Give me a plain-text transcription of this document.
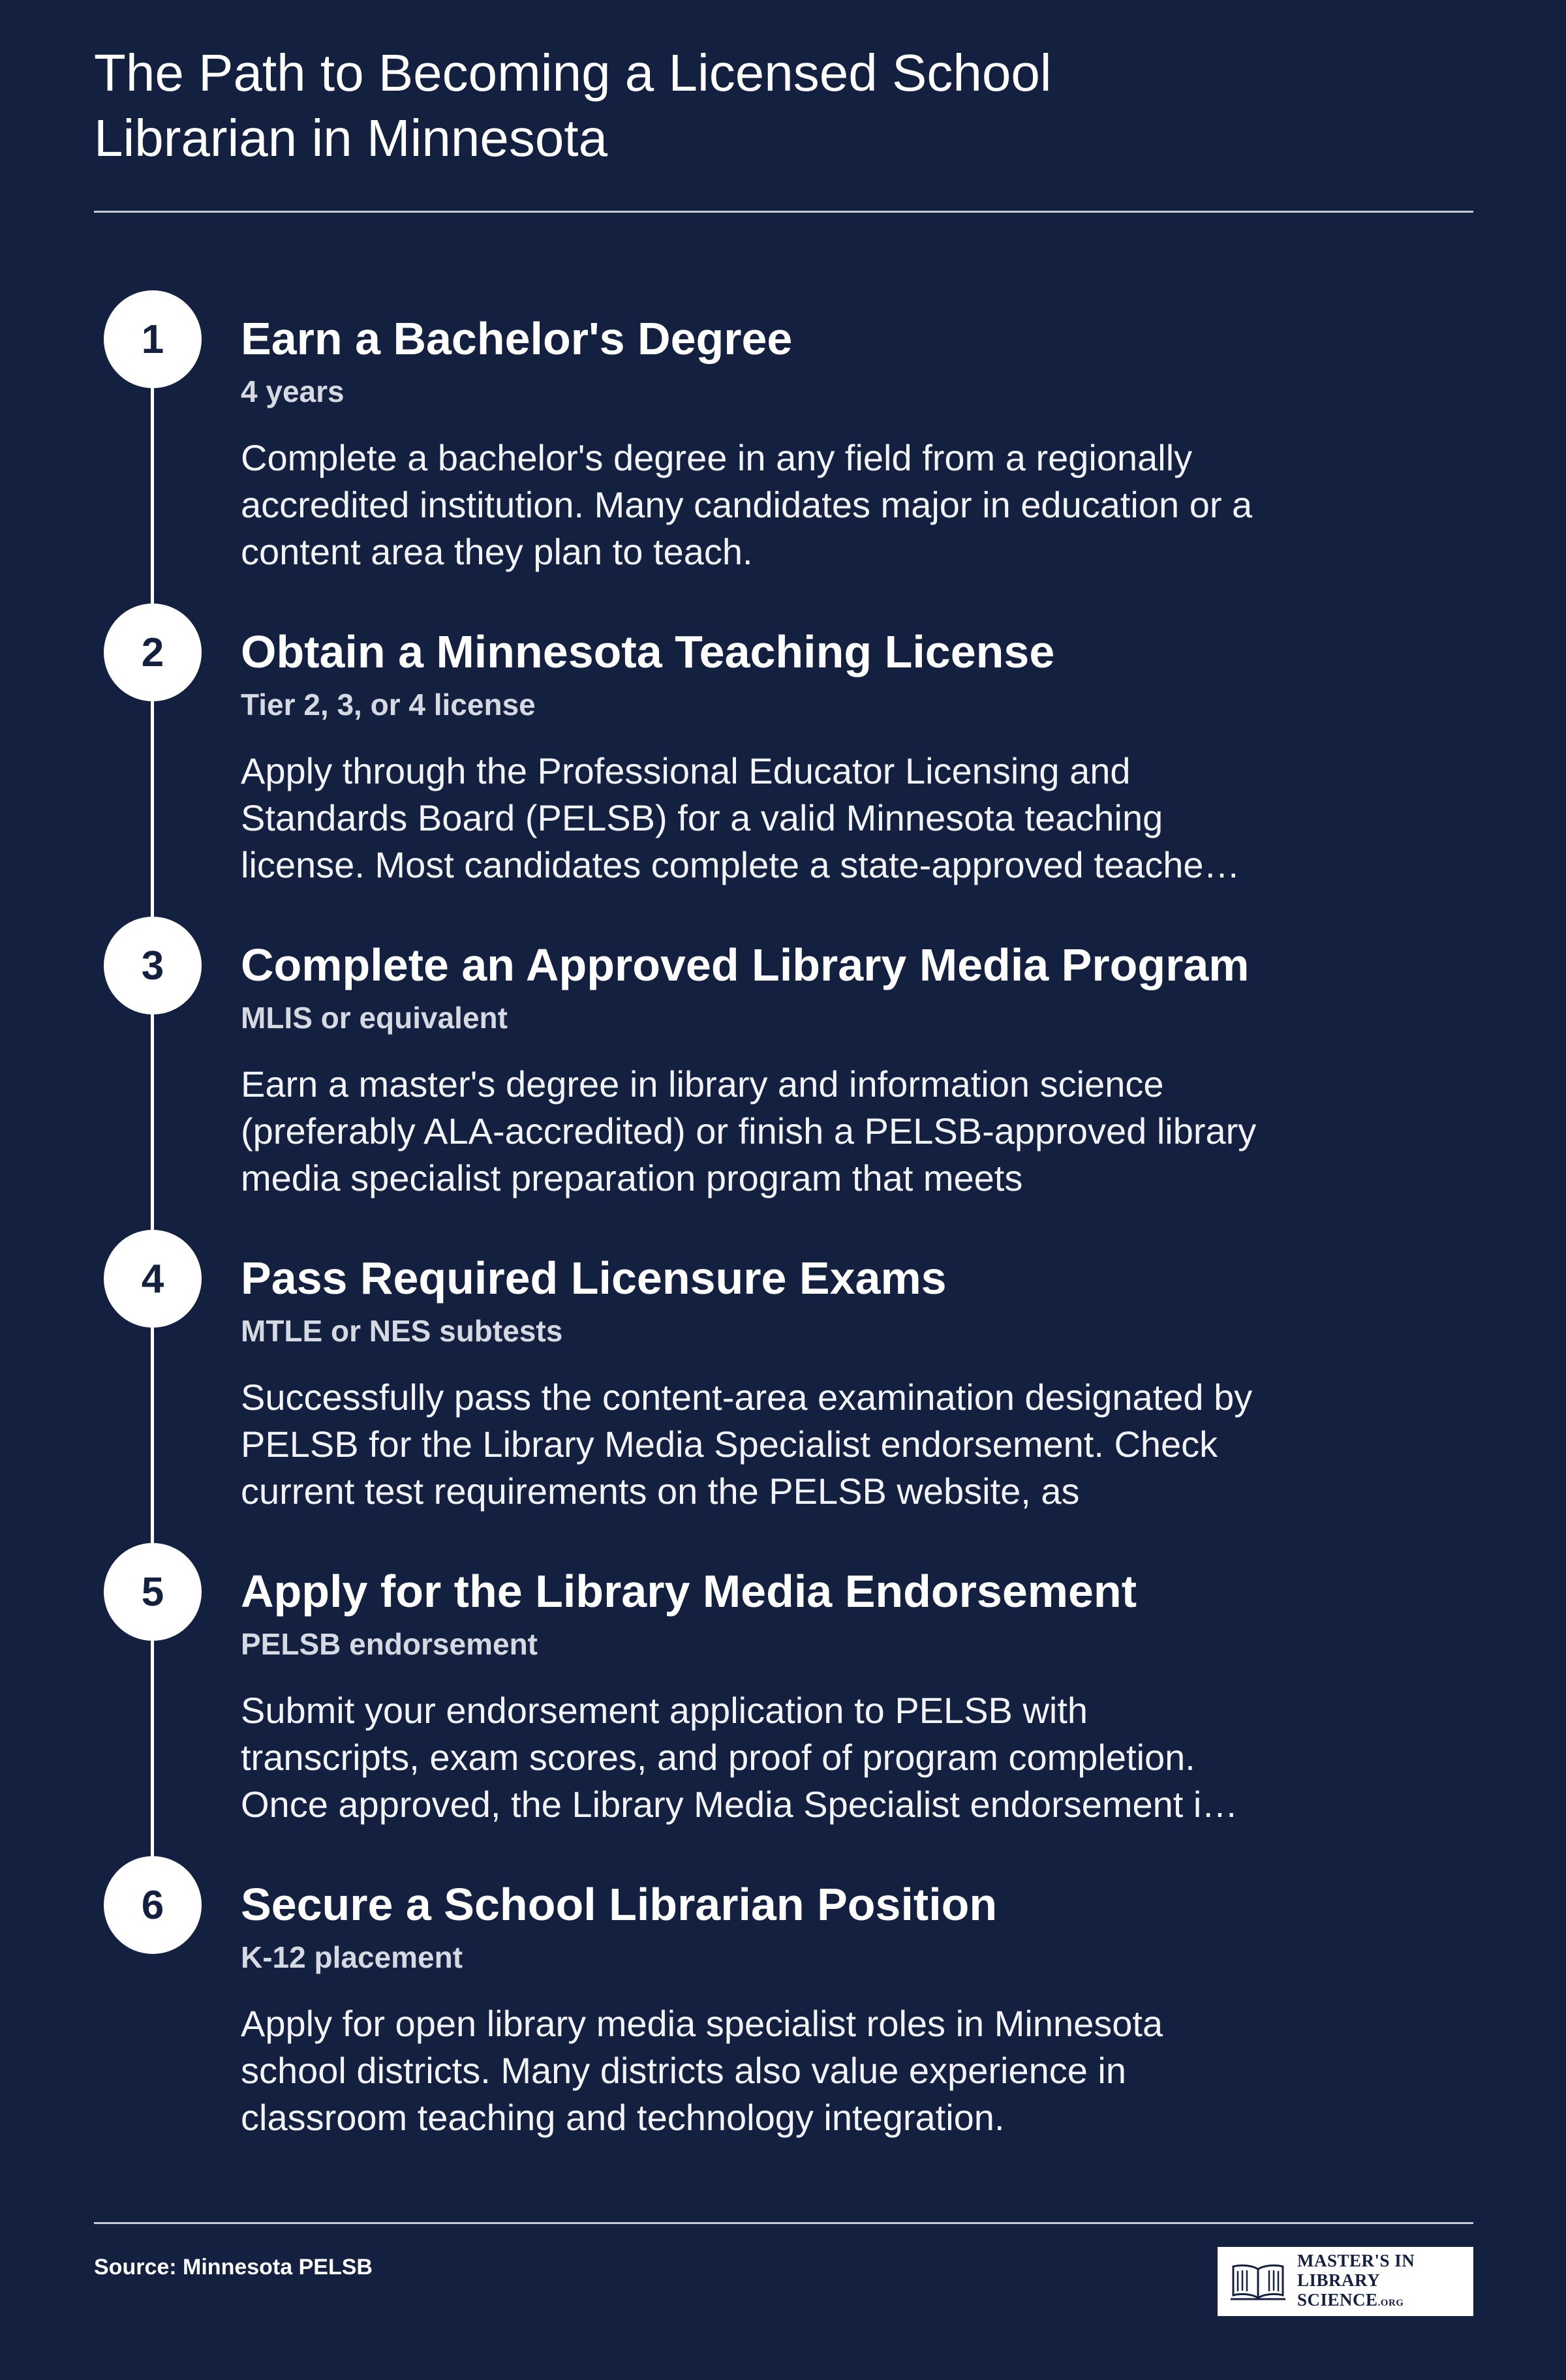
The Path to Becoming a Licensed School Librarian in Minnesota
1	Earn a Bachelor's Degree
4 years
Complete a bachelor's degree in any field from a regionally accredited institution. Many candidates major in education or a content area they plan to teach.
2	Obtain a Minnesota Teaching License
Tier 2, 3, or 4 license
Apply through the Professional Educator Licensing and Standards Board (PELSB) for a valid Minnesota teaching license. Most candidates complete a state-approved teache…
3	Complete an Approved Library Media Program
MLIS or equivalent
Earn a master's degree in library and information science (preferably ALA-accredited) or finish a PELSB-approved library media specialist preparation program that meets
4	Pass Required Licensure Exams
MTLE or NES subtests
Successfully pass the content-area examination designated by PELSB for the Library Media Specialist endorsement. Check current test requirements on the PELSB website, as
5	Apply for the Library Media Endorsement
PELSB endorsement
Submit your endorsement application to PELSB with transcripts, exam scores, and proof of program completion. Once approved, the Library Media Specialist endorsement i…
6	Secure a School Librarian Position
K-12 placement
Apply for open library media specialist roles in Minnesota school districts. Many districts also value experience in classroom teaching and technology integration.
Source: Minnesota PELSB	MASTER'S IN
LIBRARY SCIENCE.ORG
